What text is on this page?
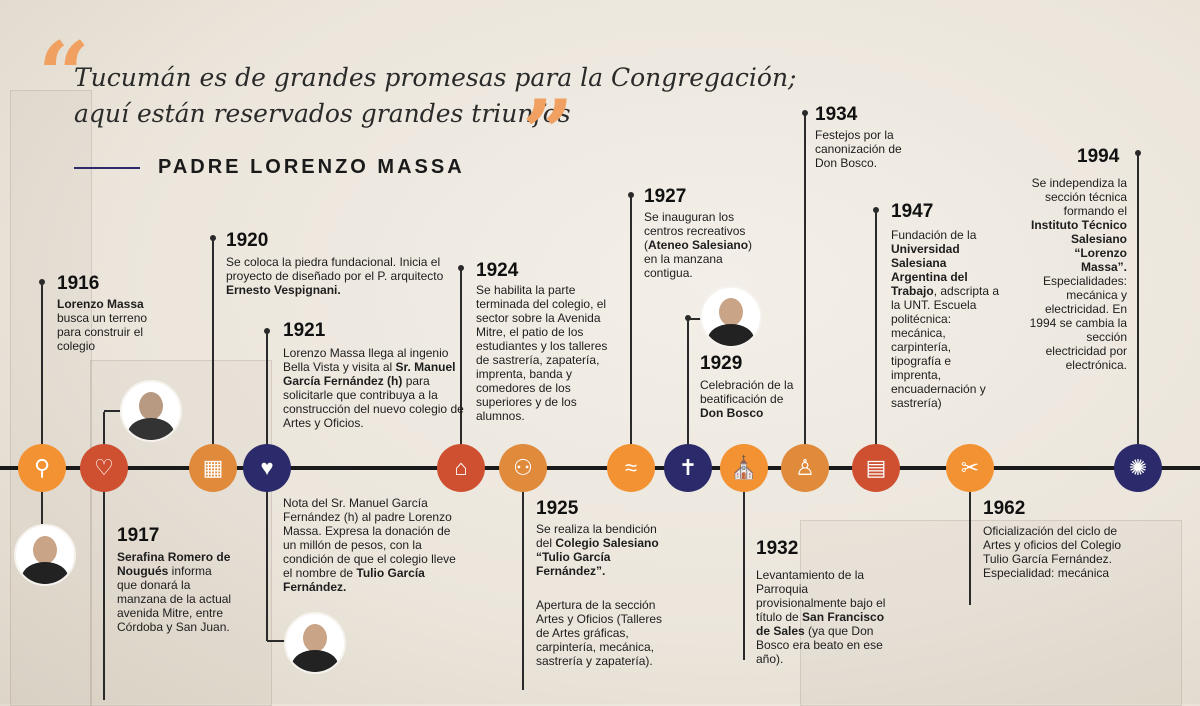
“
Tucumán es de grandes promesas para la Congregación;
aquí están reservados grandes triunfos
”
PADRE LORENZO MASSA
⚲ ♡	▦ ♥	⌂ ⚇	≈ ✝ ⛪ ♙ ▤	✂	✺
1916
Lorenzo Massa busca un terreno para construir el colegio
1917
Serafina Romero de Nougués informa que donará la manzana de la actual avenida Mitre, entre Córdoba y San Juan.
1920
Se coloca la piedra fundacional. Inicia el proyecto de diseñado por el P. arquitecto Ernesto Vespignani.
1921
Lorenzo Massa llega al ingenio Bella Vista y visita al Sr. Manuel García Fernández (h) para solicitarle que contribuya a la construcción del nuevo colegio de Artes y Oficios.
Nota del Sr. Manuel García Fernández (h) al padre Lorenzo Massa. Expresa la donación de un millón de pesos, con la condición de que el colegio lleve el nombre de Tulio García Fernández.
1924
Se habilita la parte terminada del colegio, el sector sobre la Avenida Mitre, el patio de los estudiantes y los talleres de sastrería, zapatería, imprenta, banda y comedores de los superiores y de los alumnos.
1925
Se realiza la bendición del Colegio Salesiano “Tulio García Fernández”.
Apertura de la sección Artes y Oficios (Talleres de Artes gráficas, carpintería, mecánica, sastrería y zapatería).
1927
Se inauguran los centros recreativos (Ateneo Salesiano) en la manzana contigua.
1929
Celebración de la beatificación de Don Bosco
1932
Levantamiento de la Parroquia provisionalmente bajo el título de San Francisco de Sales (ya que Don Bosco era beato en ese año).
1934
Festejos por la canonización de Don Bosco.
1947
Fundación de la Universidad Salesiana Argentina del Trabajo, adscripta a la UNT. Escuela politécnica: mecánica, carpintería, tipografía e imprenta, encuadernación y sastrería)
1962
Oficialización del ciclo de Artes y oficios del Colegio Tulio García Fernández. Especialidad: mecánica
1994
Se independiza la sección técnica formando el Instituto Técnico Salesiano “Lorenzo Massa”. Especialidades: mecánica y electricidad. En 1994 se cambia la sección electricidad por electrónica.
